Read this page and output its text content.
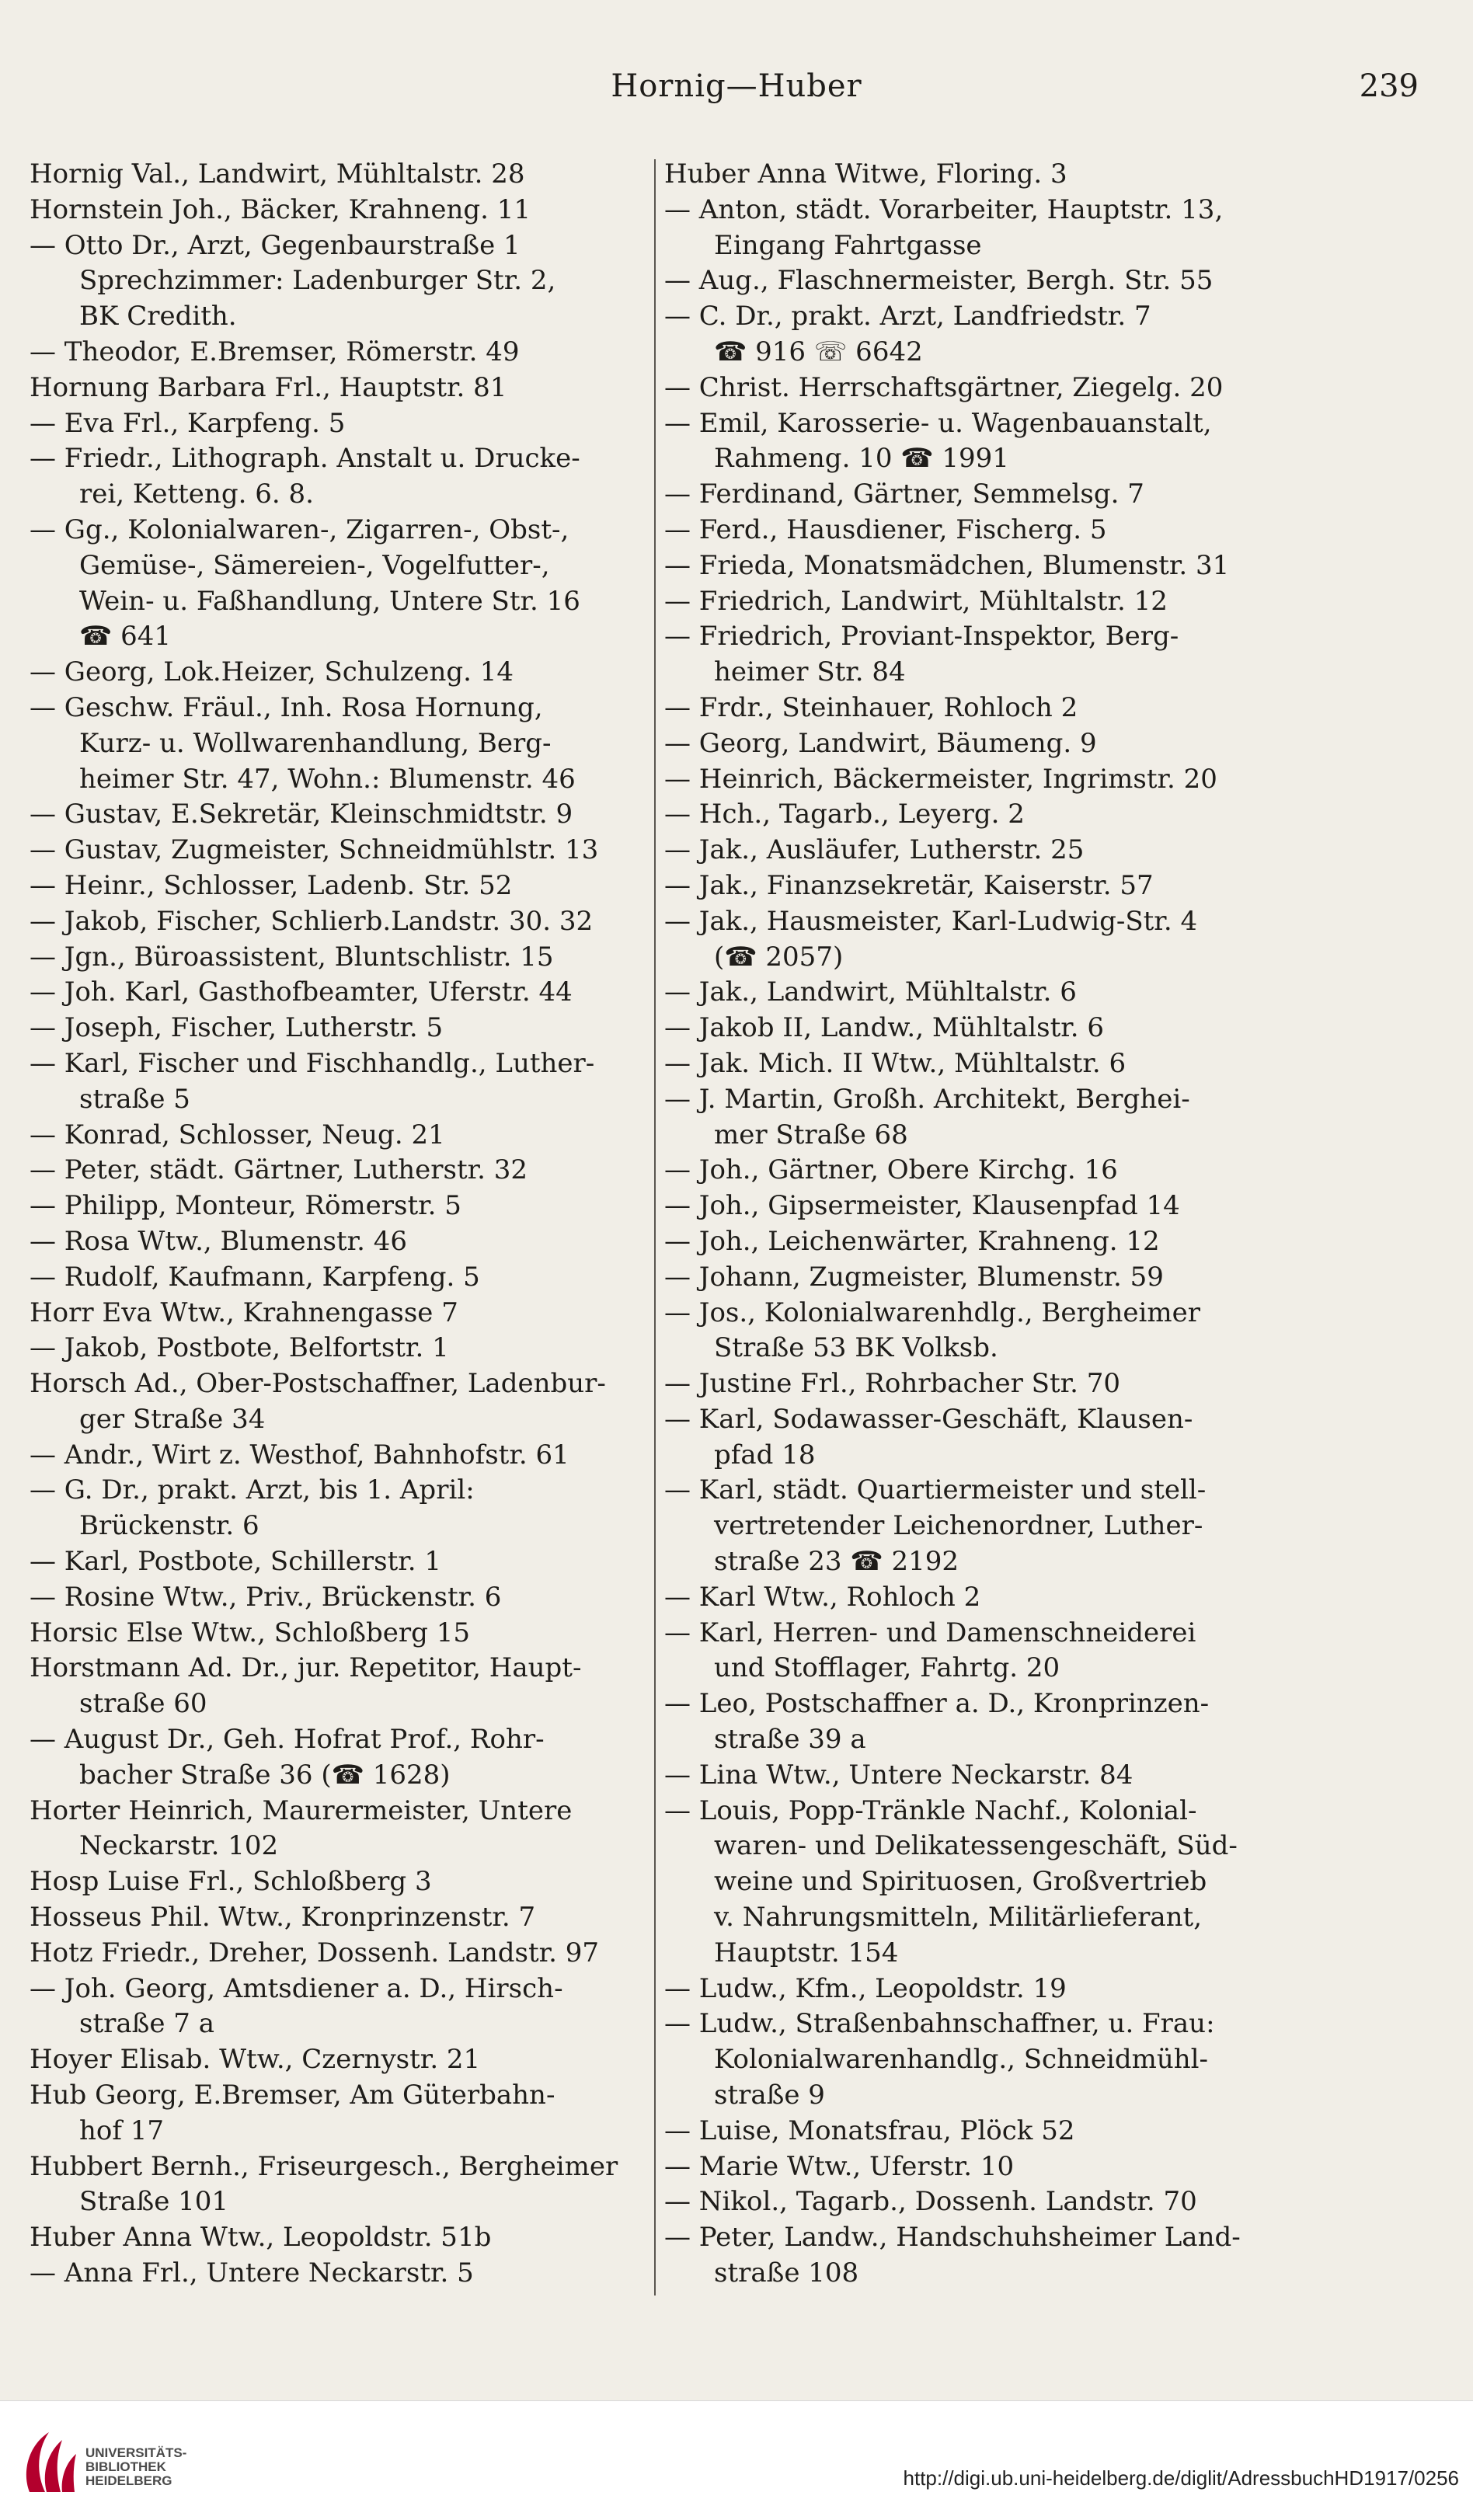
Hornig—Huber	239
Hornig Val., Landwirt, Mühltalstr. 28
Hornstein Joh., Bäcker, Krahneng. 11
— Otto Dr., Arzt, Gegenbaurstraße 1
Sprechzimmer: Ladenburger Str. 2,
BK Credith.
— Theodor, E.Bremser, Römerstr. 49
Hornung Barbara Frl., Hauptstr. 81
— Eva Frl., Karpfeng. 5
— Friedr., Lithograph. Anstalt u. Drucke-
rei, Ketteng. 6. 8.
— Gg., Kolonialwaren-, Zigarren-, Obst-,
Gemüse-, Sämereien-, Vogelfutter-,
Wein- u. Faßhandlung, Untere Str. 16
☎ 641
— Georg, Lok.Heizer, Schulzeng. 14
— Geschw. Fräul., Inh. Rosa Hornung,
Kurz- u. Wollwarenhandlung, Berg-
heimer Str. 47, Wohn.: Blumenstr. 46
— Gustav, E.Sekretär, Kleinschmidtstr. 9
— Gustav, Zugmeister, Schneidmühlstr. 13
— Heinr., Schlosser, Ladenb. Str. 52
— Jakob, Fischer, Schlierb.Landstr. 30. 32
— Jgn., Büroassistent, Bluntschlistr. 15
— Joh. Karl, Gasthofbeamter, Uferstr. 44
— Joseph, Fischer, Lutherstr. 5
— Karl, Fischer und Fischhandlg., Luther-
straße 5
— Konrad, Schlosser, Neug. 21
— Peter, städt. Gärtner, Lutherstr. 32
— Philipp, Monteur, Römerstr. 5
— Rosa Wtw., Blumenstr. 46
— Rudolf, Kaufmann, Karpfeng. 5
Horr Eva Wtw., Krahnengasse 7
— Jakob, Postbote, Belfortstr. 1
Horsch Ad., Ober-Postschaffner, Ladenbur-
ger Straße 34
— Andr., Wirt z. Westhof, Bahnhofstr. 61
— G. Dr., prakt. Arzt, bis 1. April:
Brückenstr. 6
— Karl, Postbote, Schillerstr. 1
— Rosine Wtw., Priv., Brückenstr. 6
Horsic Else Wtw., Schloßberg 15
Horstmann Ad. Dr., jur. Repetitor, Haupt-
straße 60
— August Dr., Geh. Hofrat Prof., Rohr-
bacher Straße 36 (☎ 1628)
Horter Heinrich, Maurermeister, Untere
Neckarstr. 102
Hosp Luise Frl., Schloßberg 3
Hosseus Phil. Wtw., Kronprinzenstr. 7
Hotz Friedr., Dreher, Dossenh. Landstr. 97
— Joh. Georg, Amtsdiener a. D., Hirsch-
straße 7 a
Hoyer Elisab. Wtw., Czernystr. 21
Hub Georg, E.Bremser, Am Güterbahn-
hof 17
Hubbert Bernh., Friseurgesch., Bergheimer
Straße 101
Huber Anna Wtw., Leopoldstr. 51b
— Anna Frl., Untere Neckarstr. 5
Huber Anna Witwe, Floring. 3
— Anton, städt. Vorarbeiter, Hauptstr. 13,
Eingang Fahrtgasse
— Aug., Flaschnermeister, Bergh. Str. 55
— C. Dr., prakt. Arzt, Landfriedstr. 7
☎ 916 ☏ 6642
— Christ. Herrschaftsgärtner, Ziegelg. 20
— Emil, Karosserie- u. Wagenbauanstalt,
Rahmeng. 10 ☎ 1991
— Ferdinand, Gärtner, Semmelsg. 7
— Ferd., Hausdiener, Fischerg. 5
— Frieda, Monatsmädchen, Blumenstr. 31
— Friedrich, Landwirt, Mühltalstr. 12
— Friedrich, Proviant-Inspektor, Berg-
heimer Str. 84
— Frdr., Steinhauer, Rohloch 2
— Georg, Landwirt, Bäumeng. 9
— Heinrich, Bäckermeister, Ingrimstr. 20
— Hch., Tagarb., Leyerg. 2
— Jak., Ausläufer, Lutherstr. 25
— Jak., Finanzsekretär, Kaiserstr. 57
— Jak., Hausmeister, Karl-Ludwig-Str. 4
(☎ 2057)
— Jak., Landwirt, Mühltalstr. 6
— Jakob II, Landw., Mühltalstr. 6
— Jak. Mich. II Wtw., Mühltalstr. 6
— J. Martin, Großh. Architekt, Berghei-
mer Straße 68
— Joh., Gärtner, Obere Kirchg. 16
— Joh., Gipsermeister, Klausenpfad 14
— Joh., Leichenwärter, Krahneng. 12
— Johann, Zugmeister, Blumenstr. 59
— Jos., Kolonialwarenhdlg., Bergheimer
Straße 53 BK Volksb.
— Justine Frl., Rohrbacher Str. 70
— Karl, Sodawasser-Geschäft, Klausen-
pfad 18
— Karl, städt. Quartiermeister und stell-
vertretender Leichenordner, Luther-
straße 23 ☎ 2192
— Karl Wtw., Rohloch 2
— Karl, Herren- und Damenschneiderei
und Stofflager, Fahrtg. 20
— Leo, Postschaffner a. D., Kronprinzen-
straße 39 a
— Lina Wtw., Untere Neckarstr. 84
— Louis, Popp-Tränkle Nachf., Kolonial-
waren- und Delikatessengeschäft, Süd-
weine und Spirituosen, Großvertrieb
v. Nahrungsmitteln, Militärlieferant,
Hauptstr. 154
— Ludw., Kfm., Leopoldstr. 19
— Ludw., Straßenbahnschaffner, u. Frau:
Kolonialwarenhandlg., Schneidmühl-
straße 9
— Luise, Monatsfrau, Plöck 52
— Marie Wtw., Uferstr. 10
— Nikol., Tagarb., Dossenh. Landstr. 70
— Peter, Landw., Handschuhsheimer Land-
straße 108
UNIVERSITÄTS-
BIBLIOTHEK
HEIDELBERG	http://digi.ub.uni-heidelberg.de/diglit/AdressbuchHD1917/0256
